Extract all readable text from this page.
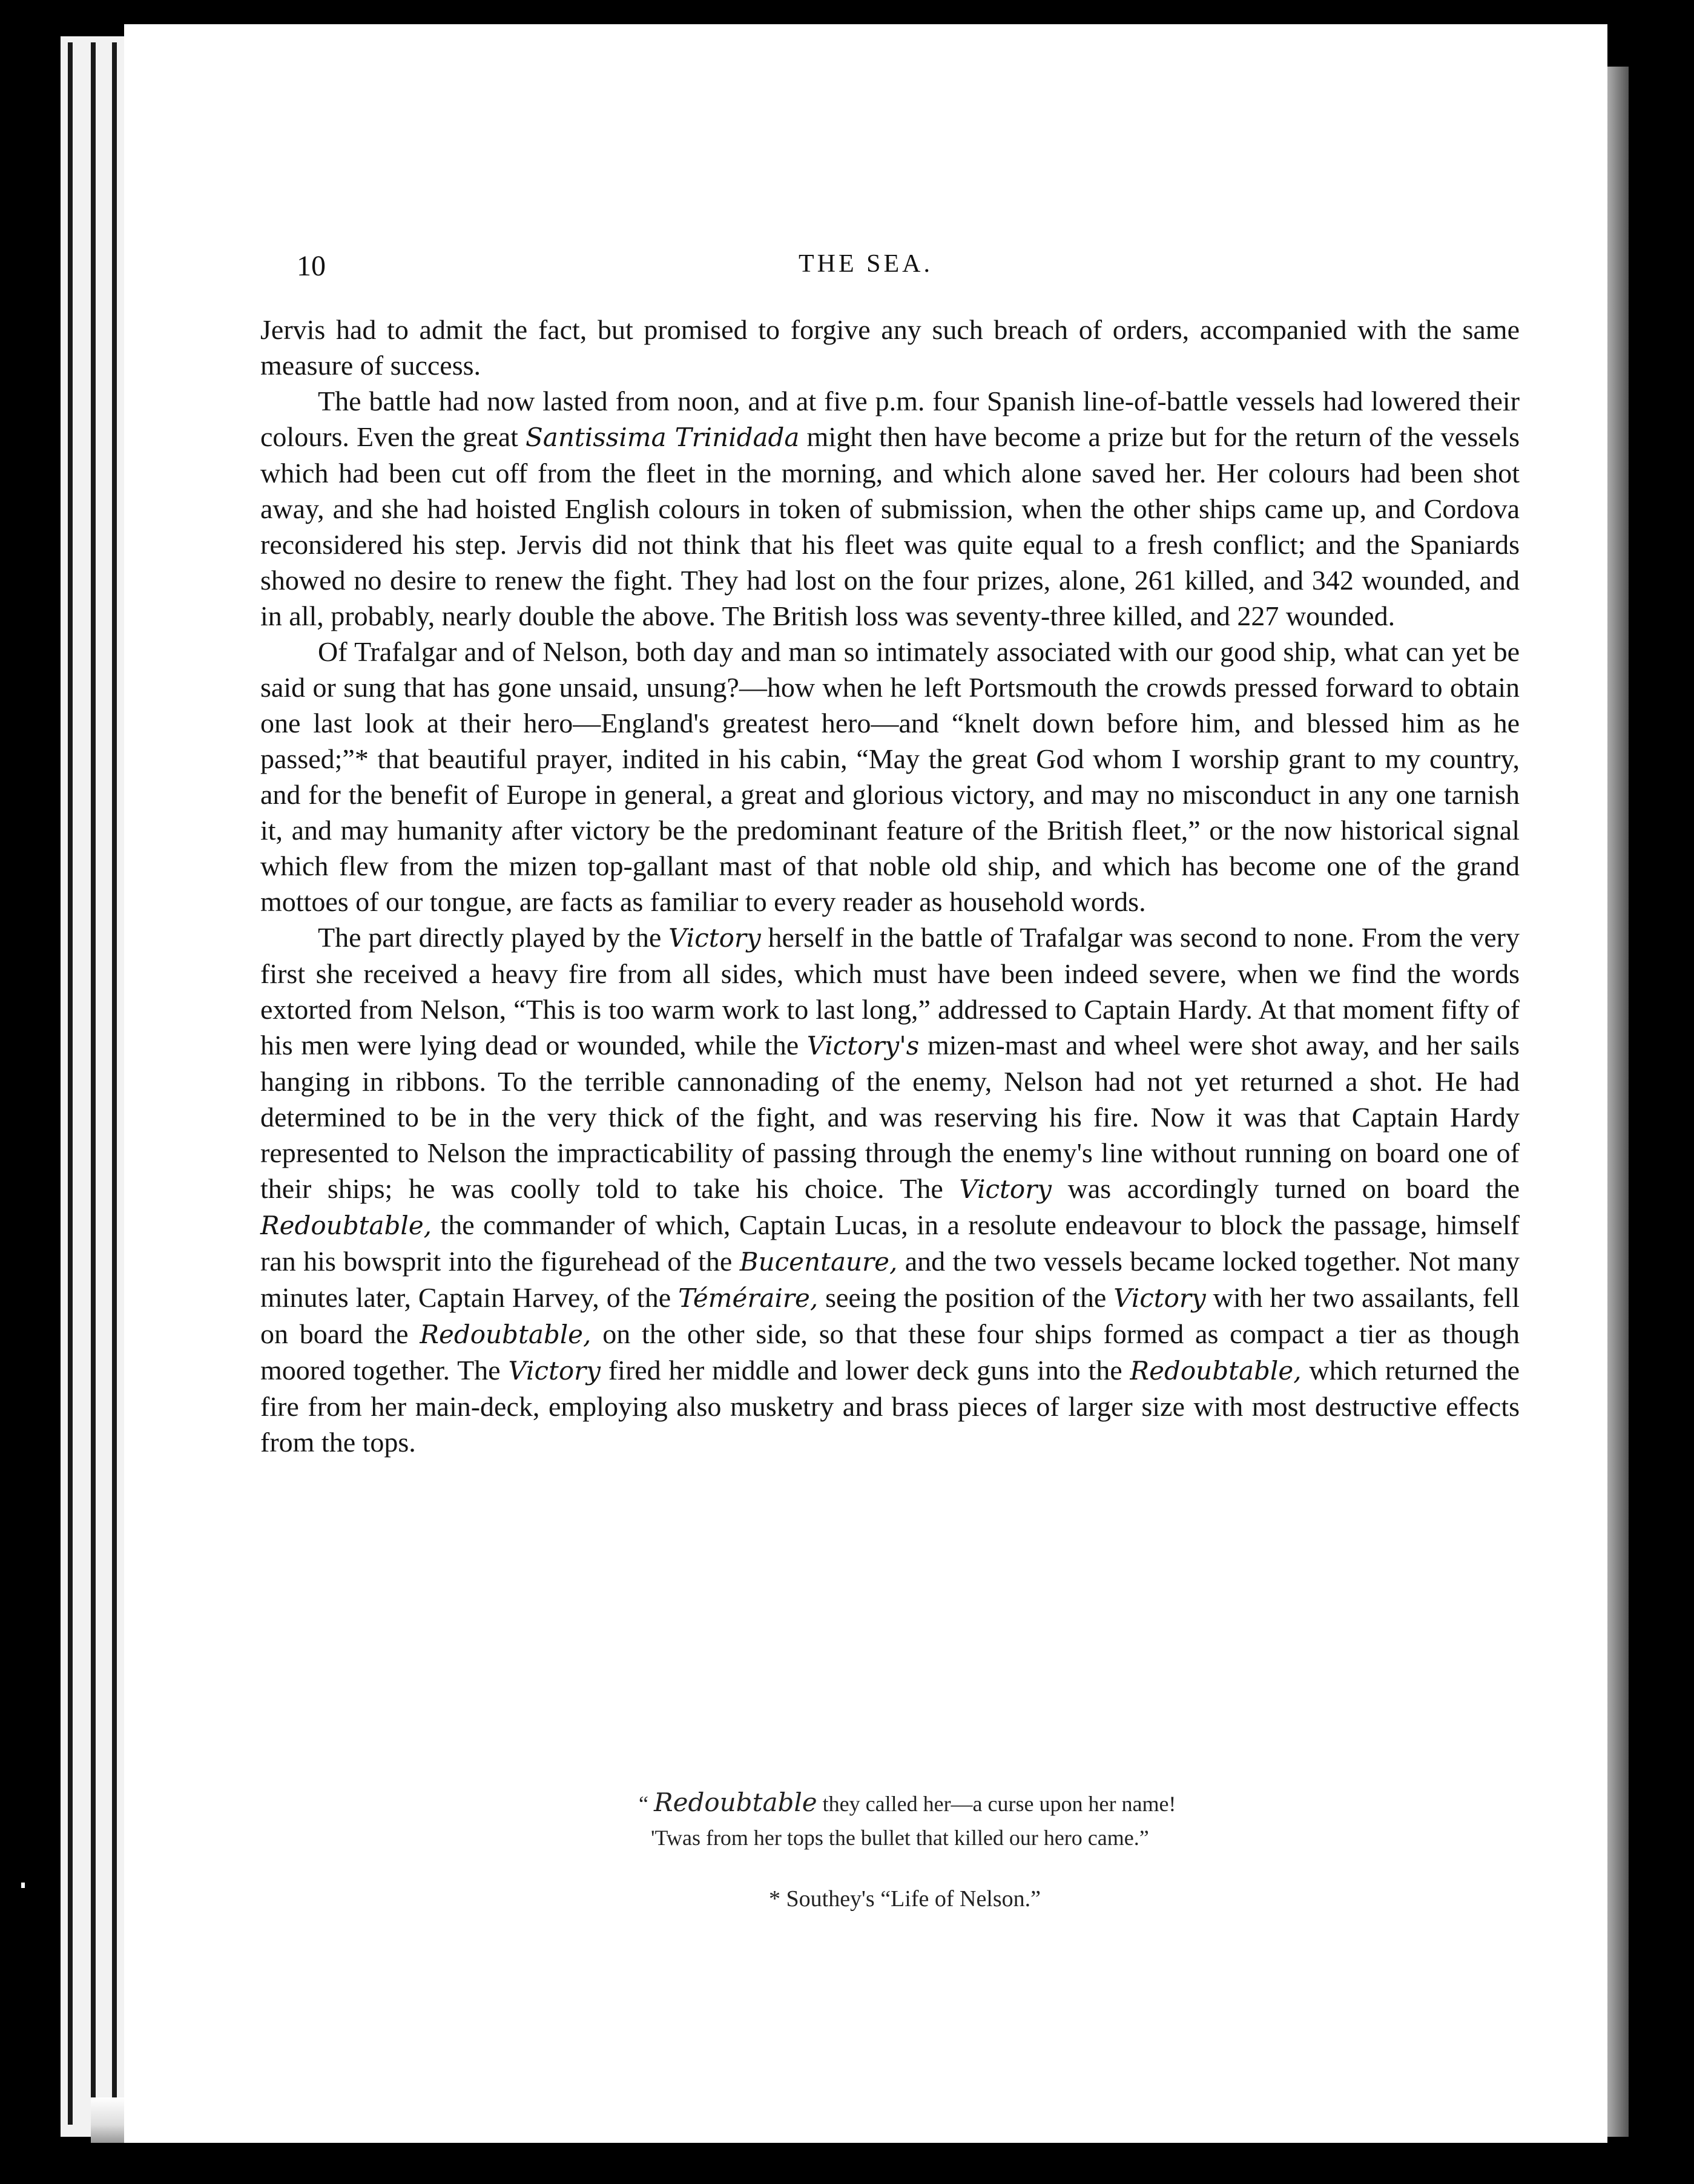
THE SEA.
10

Jervis had to admit the fact, but promised to forgive any such breach of orders, accompanied with the same measure of success.

The battle had now lasted from noon, and at five p.m. four Spanish line-of-battle vessels had lowered their colours. Even the great Santissima Trinidada might then have become a prize but for the return of the vessels which had been cut off from the fleet in the morning, and which alone saved her. Her colours had been shot away, and she had hoisted English colours in token of submission, when the other ships came up, and Cordova reconsidered his step. Jervis did not think that his fleet was quite equal to a fresh conflict; and the Spaniards showed no desire to renew the fight. They had lost on the four prizes, alone, 261 killed, and 342 wounded, and in all, probably, nearly double the above. The British loss was seventy-three killed, and 227 wounded.

Of Trafalgar and of Nelson, both day and man so intimately associated with our good ship, what can yet be said or sung that has gone unsaid, unsung?—how when he left Portsmouth the crowds pressed forward to obtain one last look at their hero—England's greatest hero—and “knelt down before him, and blessed him as he passed;”* that beautiful prayer, indited in his cabin, “May the great God whom I worship grant to my country, and for the benefit of Europe in general, a great and glorious victory, and may no misconduct in any one tarnish it, and may humanity after victory be the predominant feature of the British fleet,” or the now historical signal which flew from the mizen top-gallant mast of that noble old ship, and which has become one of the grand mottoes of our tongue, are facts as familiar to every reader as household words.

The part directly played by the Victory herself in the battle of Trafalgar was second to none. From the very first she received a heavy fire from all sides, which must have been indeed severe, when we find the words extorted from Nelson, “This is too warm work to last long,” addressed to Captain Hardy. At that moment fifty of his men were lying dead or wounded, while the Victory's mizen-mast and wheel were shot away, and her sails hanging in ribbons. To the terrible cannonading of the enemy, Nelson had not yet returned a shot. He had determined to be in the very thick of the fight, and was reserving his fire. Now it was that Captain Hardy represented to Nelson the impracticability of passing through the enemy's line without running on board one of their ships; he was coolly told to take his choice. The Victory was accordingly turned on board the Redoubtable, the commander of which, Captain Lucas, in a resolute endeavour to block the passage, himself ran his bowsprit into the figurehead of the Bucentaure, and the two vessels became locked together. Not many minutes later, Captain Harvey, of the Téméraire, seeing the position of the Victory with her two assailants, fell on board the Redoubtable, on the other side, so that these four ships formed as compact a tier as though moored together. The Victory fired her middle and lower deck guns into the Redoubtable, which returned the fire from her main-deck, employing also musketry and brass pieces of larger size with most destructive effects from the tops.

“ Redoubtable they called her—a curse upon her name!
'Twas from her tops the bullet that killed our hero came.”
* Southey's “Life of Nelson.”
